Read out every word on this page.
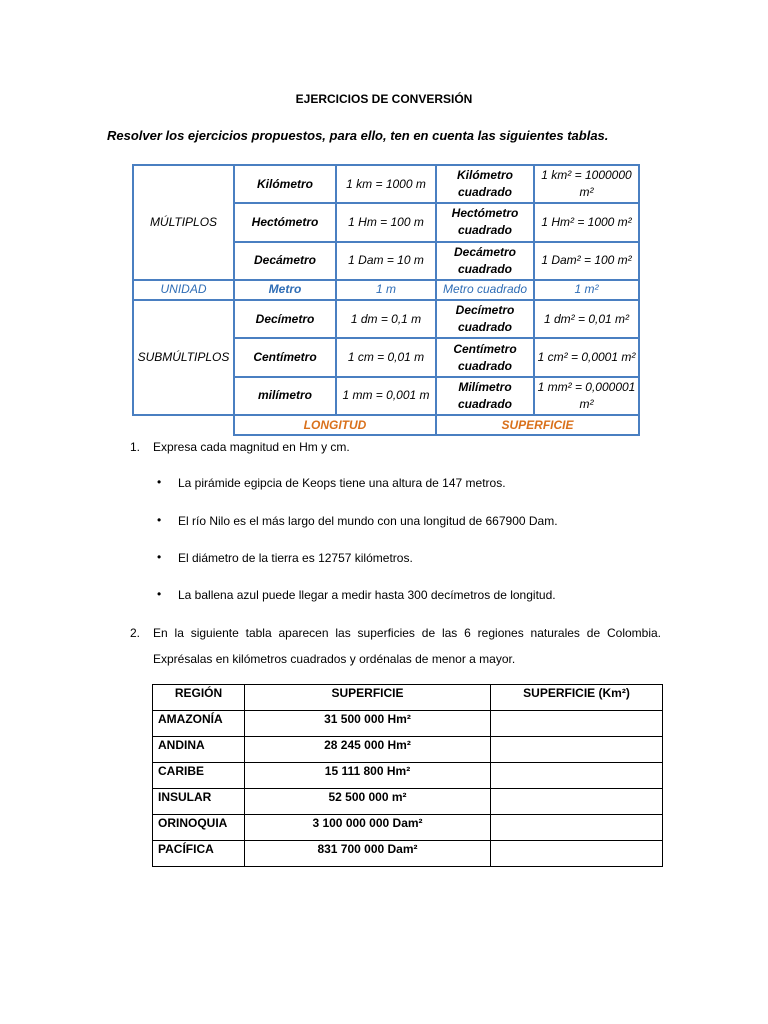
EJERCICIOS DE CONVERSIÓN
Resolver los ejercicios propuestos, para ello, ten en cuenta las siguientes tablas.
MÚLTIPLOS	Kilómetro	1 km = 1000 m	Kilómetro cuadrado	1 km² = 1000000 m²
	Hectómetro	1 Hm = 100 m	Hectómetro cuadrado	1 Hm² = 1000 m²
	Decámetro	1 Dam = 10 m	Decámetro cuadrado	1 Dam² = 100 m²
UNIDAD	Metro	1 m	Metro cuadrado	1 m²
SUBMÚLTIPLOS	Decímetro	1 dm = 0,1 m	Decímetro cuadrado	1 dm² = 0,01 m²
	Centímetro	1 cm = 0,01 m	Centímetro cuadrado	1 cm² = 0,0001 m²
	milímetro	1 mm = 0,001 m	Milímetro cuadrado	1 mm² = 0,000001 m²
	LONGITUD		SUPERFICIE	
1. Expresa cada magnitud en Hm y cm.
• La pirámide egipcia de Keops tiene una altura de 147 metros.
• El río Nilo es el más largo del mundo con una longitud de 667900 Dam.
• El diámetro de la tierra es 12757 kilómetros.
• La ballena azul puede llegar a medir hasta 300 decímetros de longitud.
2. En la siguiente tabla aparecen las superficies de las 6 regiones naturales de Colombia.
Exprésalas en kilómetros cuadrados y ordénalas de menor a mayor.
REGIÓN	SUPERFICIE	SUPERFICIE (Km²)
AMAZONÍA	31 500 000 Hm²	
ANDINA	28 245 000 Hm²	
CARIBE	15 111 800 Hm²	
INSULAR	52 500 000 m²	
ORINOQUIA	3 100 000 000 Dam²	
PACÍFICA	831 700 000 Dam²	
